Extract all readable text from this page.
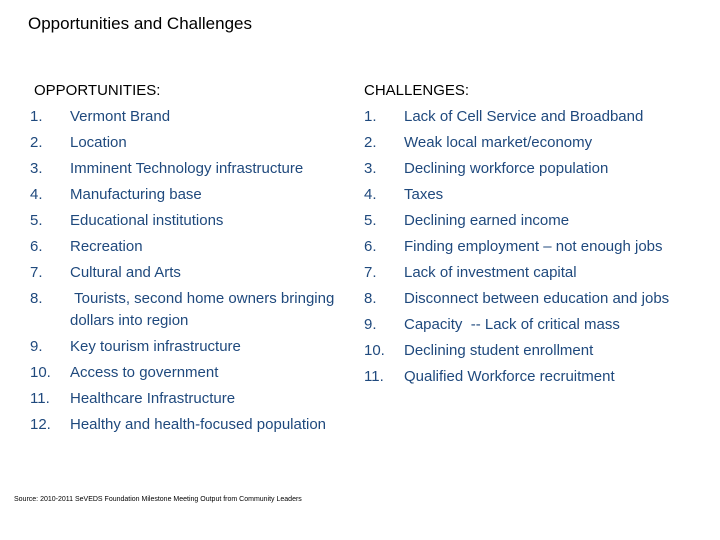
Opportunities and Challenges
OPPORTUNITIES:
1.	Vermont Brand
2.	Location
3.	Imminent Technology infrastructure
4.	Manufacturing base
5.	Educational institutions
6.	Recreation
7.	Cultural and Arts
8.	Tourists, second home owners bringing dollars into region
9.	Key tourism infrastructure
10.	Access to government
11.	Healthcare Infrastructure
12.	Healthy and health-focused population
CHALLENGES:
1.	Lack of Cell Service and Broadband
2.	Weak local market/economy
3.	Declining workforce population
4.	Taxes
5.	Declining earned income
6.	Finding employment – not enough jobs
7.	Lack of investment capital
8.	Disconnect between education and jobs
9.	Capacity  -- Lack of critical mass
10.	Declining student enrollment
11.	Qualified Workforce recruitment
Source: 2010-2011 SeVEDS Foundation Milestone Meeting Output from Community Leaders
